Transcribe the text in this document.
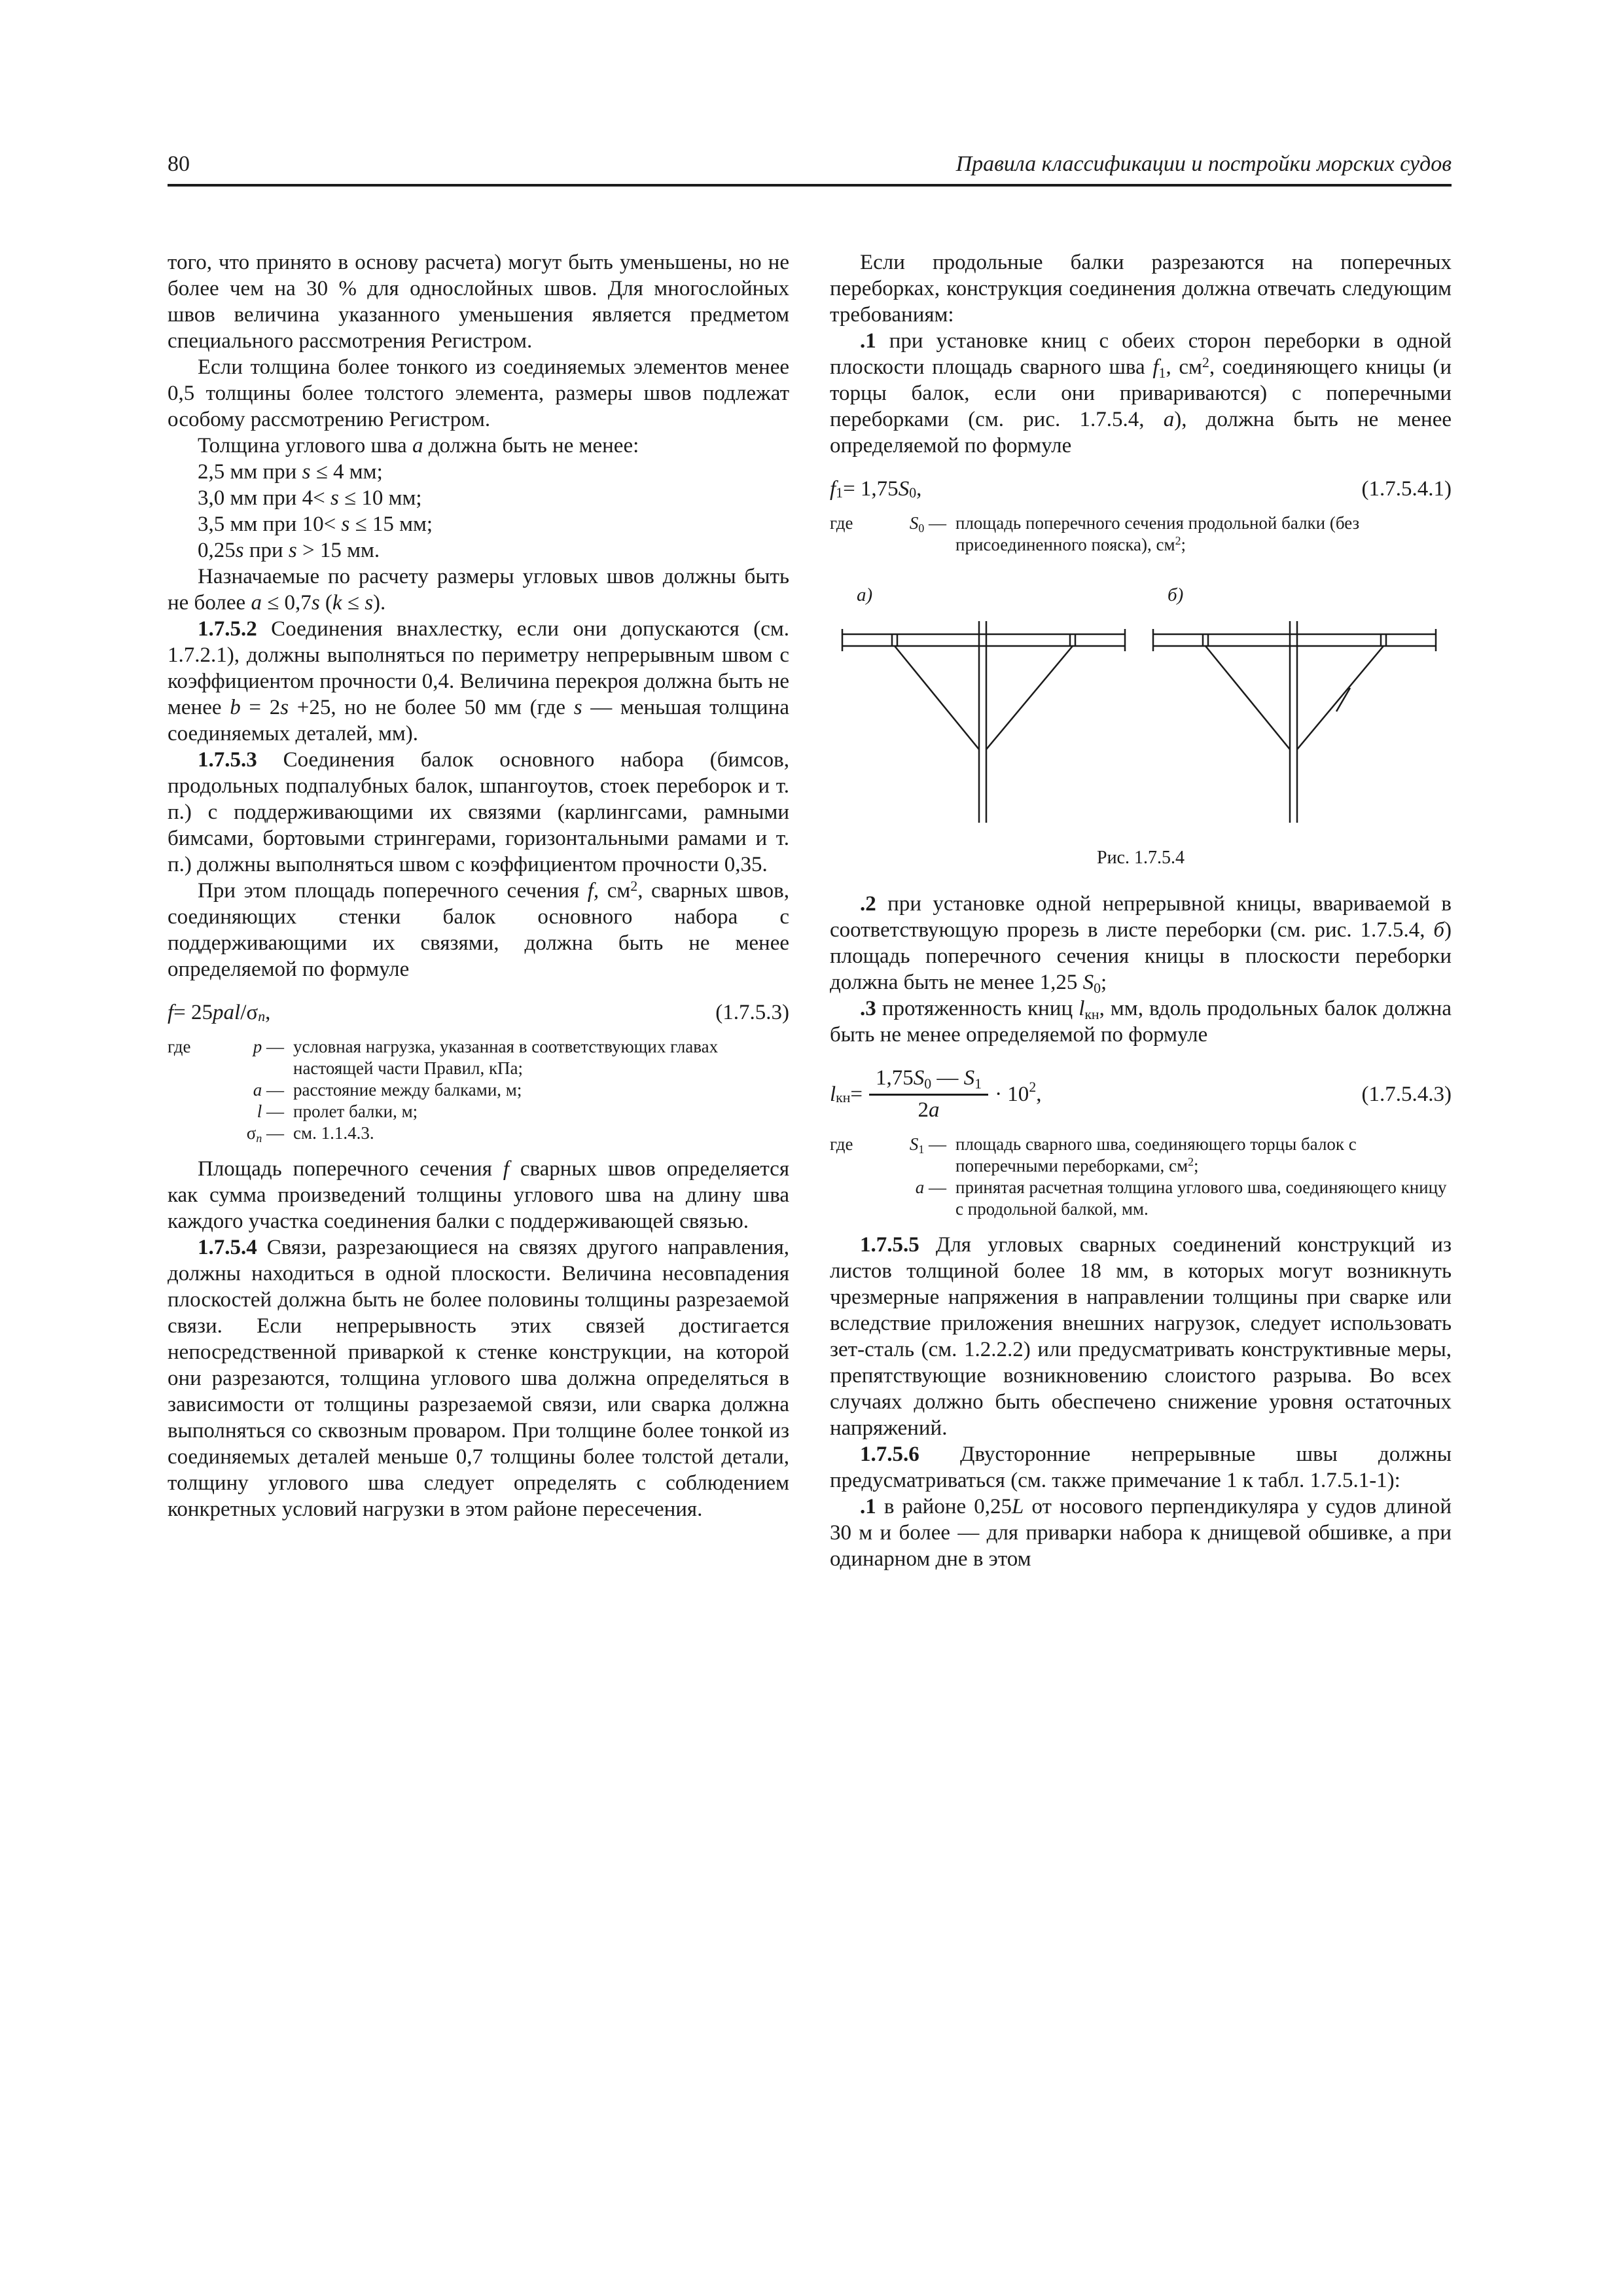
80	Правила классификации и постройки морских судов

того, что принято в основу расчета) могут быть уменьшены, но не более чем на 30 % для однослойных швов. Для многослойных швов величина указанного уменьшения является предметом специального рассмотрения Регистром.

Если толщина более тонкого из соединяемых элементов менее 0,5 толщины более толстого элемента, размеры швов подлежат особому рассмотрению Регистром.

Толщина углового шва а должна быть не менее:

2,5 мм при s ≤ 4 мм;
3,0 мм при 4< s ≤ 10 мм;
3,5 мм при 10< s ≤ 15 мм;
0,25s при s > 15 мм.

Назначаемые по расчету размеры угловых швов должны быть не более a ≤ 0,7s (k ≤ s).

1.7.5.2 Соединения внахлестку, если они допускаются (см. 1.7.2.1), должны выполняться по периметру непрерывным швом с коэффициентом прочности 0,4. Величина перекроя должна быть не менее b = 2s +25, но не более 50 мм (где s — меньшая толщина соединяемых деталей, мм).

1.7.5.3 Соединения балок основного набора (бимсов, продольных подпалубных балок, шпангоутов, стоек переборок и т. п.) с поддерживающими их связями (карлингсами, рамными бимсами, бортовыми стрингерами, горизонтальными рамами и т. п.) должны выполняться швом с коэффициентом прочности 0,35.

При этом площадь поперечного сечения f, $см^2$, сварных швов, соединяющих стенки балок основного набора с поддерживающими их связями, должна быть не менее определяемой по формуле

f = 25 pal /σ n ,	(1.7.5.3)
где	p — условная нагрузка, указанная в соответствующих главах настоящей части Правил, кПа;
a — расстояние между балками, м;
l — пролет балки, м;
σn — см. 1.1.4.3.

Площадь поперечного сечения f сварных швов определяется как сумма произведений толщины углового шва на длину шва каждого участка соединения балки с поддерживающей связью.

1.7.5.4 Связи, разрезающиеся на связях другого направления, должны находиться в одной плоскости. Величина несовпадения плоскостей должна быть не более половины толщины разрезаемой связи. Если непрерывность этих связей достигается непосредственной приваркой к стенке конструкции, на которой они разрезаются, толщина углового шва должна определяться в зависимости от толщины разрезаемой связи, или сварка должна выполняться со сквозным проваром. При толщине более тонкой из соединяемых деталей меньше 0,7 толщины более толстой детали, толщину углового шва следует определять с соблюдением конкретных условий нагрузки в этом районе пересечения.

Если продольные балки разрезаются на поперечных переборках, конструкция соединения должна отвечать следующим требованиям:

.1 при установке книц с обеих сторон переборки в одной плоскости площадь сварного шва f1, $см^2$, соединяющего кницы (и торцы балок, если они привариваются) с поперечными переборками (см. рис. 1.7.5.4, а), должна быть не менее определяемой по формуле

f 1 = 1,75 S 0 ,	(1.7.5.4.1)
где	S0 — площадь поперечного сечения продольной балки (без присоединенного пояска), $см^2$;
а)	б)
Рис. 1.7.5.4

.2 при установке одной непрерывной кницы, ввариваемой в соответствующую прорезь в листе переборки (см. рис. 1.7.5.4, б) площадь поперечного сечения кницы в плоскости переборки должна быть не менее 1,25 S0;

.3 протяженность книц lкн, мм, вдоль продольных балок должна быть не менее определяемой по формуле

l кн = $\frac{1,75S0 — S1}{2a} \cdot 10$ 2 ,	(1.7.5.4.3)
где	S1 — площадь сварного шва, соединяющего торцы балок с поперечными переборками, $см^2$;
а — принятая расчетная толщина углового шва, соединяющего кницу с продольной балкой, мм.

1.7.5.5 Для угловых сварных соединений конструкций из листов толщиной более 18 мм, в которых могут возникнуть чрезмерные напряжения в направлении толщины при сварке или вследствие приложения внешних нагрузок, следует использовать зет-сталь (см. 1.2.2.2) или предусматривать конструктивные меры, препятствующие возникновению слоистого разрыва. Во всех случаях должно быть обеспечено снижение уровня остаточных напряжений.

1.7.5.6 Двусторонние непрерывные швы должны предусматриваться (см. также примечание 1 к табл. 1.7.5.1-1):

.1 в районе 0,25L от носового перпендикуляра у судов длиной 30 м и более — для приварки набора к днищевой обшивке, а при одинарном дне в этом
